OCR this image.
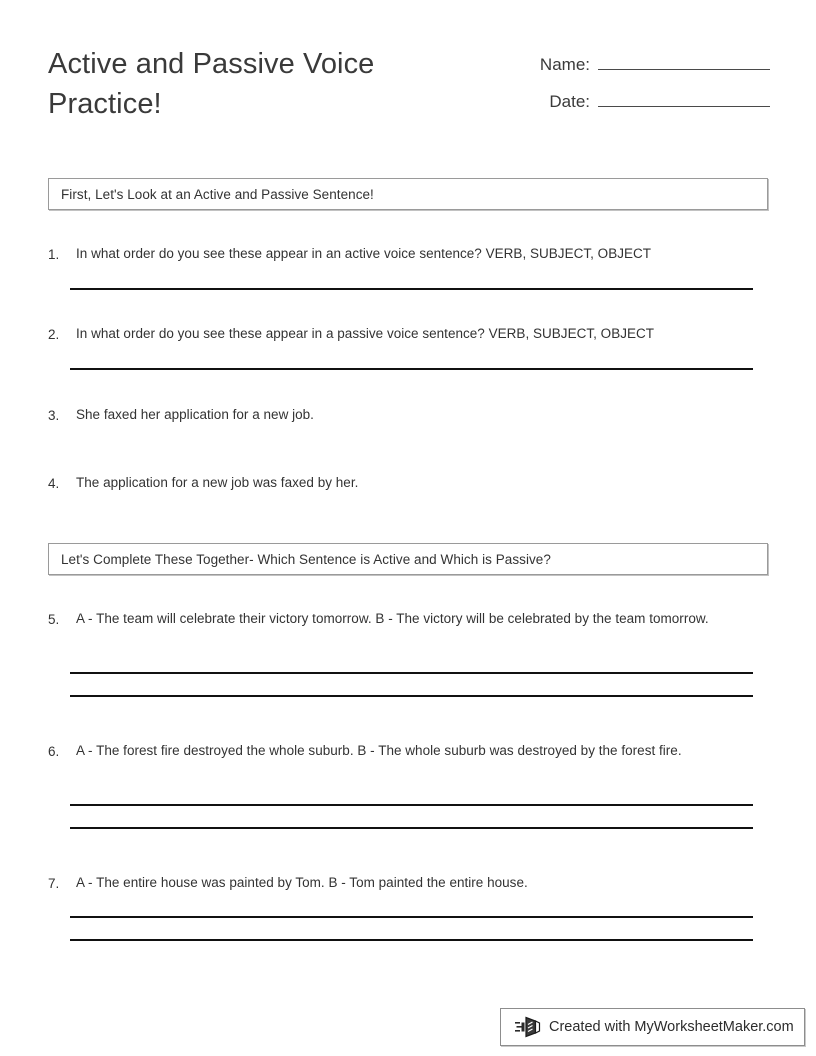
Active and Passive Voice Practice!
Name:
Date:
First, Let's Look at an Active and Passive Sentence!
1.	In what order do you see these appear in an active voice sentence? VERB, SUBJECT, OBJECT
2.	In what order do you see these appear in a passive voice sentence? VERB, SUBJECT, OBJECT
3.	She faxed her application for a new job.
4.	The application for a new job was faxed by her.
Let's Complete These Together- Which Sentence is Active and Which is Passive?
5.	A - The team will celebrate their victory tomorrow. B - The victory will be celebrated by the team tomorrow.
6.	A - The forest fire destroyed the whole suburb. B - The whole suburb was destroyed by the forest fire.
7.	A - The entire house was painted by Tom. B - Tom painted the entire house.
Created with MyWorksheetMaker.com
